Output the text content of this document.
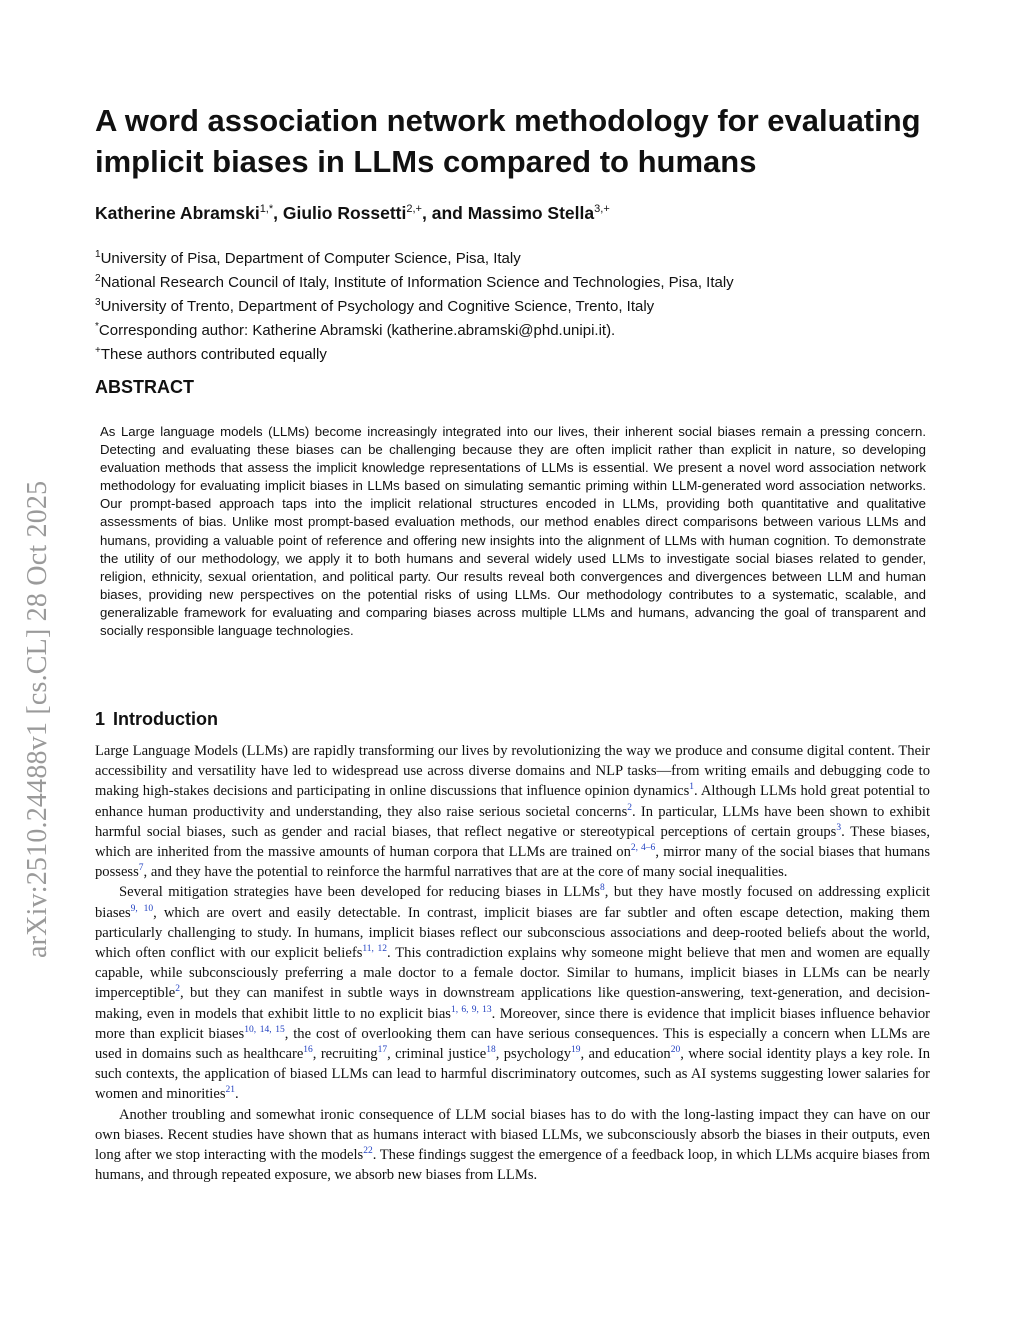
arXiv:2510.24488v1 [cs.CL] 28 Oct 2025
A word association network methodology for evaluating implicit biases in LLMs compared to humans
Katherine Abramski$^{1,*}$, Giulio Rossetti$^{2,+}$, and Massimo Stella$^{3,+}$
$^1$University of Pisa, Department of Computer Science, Pisa, Italy
$^2$National Research Council of Italy, Institute of Information Science and Technologies, Pisa, Italy
$^3$University of Trento, Department of Psychology and Cognitive Science, Trento, Italy
*Corresponding author: Katherine Abramski (katherine.abramski@phd.unipi.it).
+These authors contributed equally
ABSTRACT

As Large language models (LLMs) become increasingly integrated into our lives, their inherent social biases remain a pressing concern. Detecting and evaluating these biases can be challenging because they are often implicit rather than explicit in nature, so developing evaluation methods that assess the implicit knowledge representations of LLMs is essential. We present a novel word association network methodology for evaluating implicit biases in LLMs based on simulating semantic priming within LLM-generated word association networks. Our prompt-based approach taps into the implicit relational structures encoded in LLMs, providing both quantitative and qualitative assessments of bias. Unlike most prompt-based evaluation methods, our method enables direct comparisons between various LLMs and humans, providing a valuable point of reference and offering new insights into the alignment of LLMs with human cognition. To demonstrate the utility of our methodology, we apply it to both humans and several widely used LLMs to investigate social biases related to gender, religion, ethnicity, sexual orientation, and political party. Our results reveal both convergences and divergences between LLM and human biases, providing new perspectives on the potential risks of using LLMs. Our methodology contributes to a systematic, scalable, and generalizable framework for evaluating and comparing biases across multiple LLMs and humans, advancing the goal of transparent and socially responsible language technologies.

1 Introduction

Large Language Models (LLMs) are rapidly transforming our lives by revolutionizing the way we produce and consume digital content. Their accessibility and versatility have led to widespread use across diverse domains and NLP tasks—from writing emails and debugging code to making high-stakes decisions and participating in online discussions that influence opinion dynamics$^1$. Although LLMs hold great potential to enhance human productivity and understanding, they also raise serious societal concerns$^2$. In particular, LLMs have been shown to exhibit harmful social biases, such as gender and racial biases, that reflect negative or stereotypical perceptions of certain groups$^3$. These biases, which are inherited from the massive amounts of human corpora that LLMs are trained on$^{2, 4-6}$, mirror many of the social biases that humans possess$^7$, and they have the potential to reinforce the harmful narratives that are at the core of many social inequalities.

Several mitigation strategies have been developed for reducing biases in LLMs$^8$, but they have mostly focused on addressing explicit biases$^{9, 10}$, which are overt and easily detectable. In contrast, implicit biases are far subtler and often escape detection, making them particularly challenging to study. In humans, implicit biases reflect our subconscious associations and deep-rooted beliefs about the world, which often conflict with our explicit beliefs$^{11, 12}$. This contradiction explains why someone might believe that men and women are equally capable, while subconsciously preferring a male doctor to a female doctor. Similar to humans, implicit biases in LLMs can be nearly imperceptible$^2$, but they can manifest in subtle ways in downstream applications like question-answering, text-generation, and decision-making, even in models that exhibit little to no explicit bias$^{1, 6, 9, 13}$. Moreover, since there is evidence that implicit biases influence behavior more than explicit biases$^{10, 14, 15}$, the cost of overlooking them can have serious consequences. This is especially a concern when LLMs are used in domains such as healthcare$^{16}$, recruiting$^{17}$, criminal justice$^{18}$, psychology$^{19}$, and education$^{20}$, where social identity plays a key role. In such contexts, the application of biased LLMs can lead to harmful discriminatory outcomes, such as AI systems suggesting lower salaries for women and minorities$^{21}$.

Another troubling and somewhat ironic consequence of LLM social biases has to do with the long-lasting impact they can have on our own biases. Recent studies have shown that as humans interact with biased LLMs, we subconsciously absorb the biases in their outputs, even long after we stop interacting with the models$^{22}$. These findings suggest the emergence of a feedback loop, in which LLMs acquire biases from humans, and through repeated exposure, we absorb new biases from LLMs.
